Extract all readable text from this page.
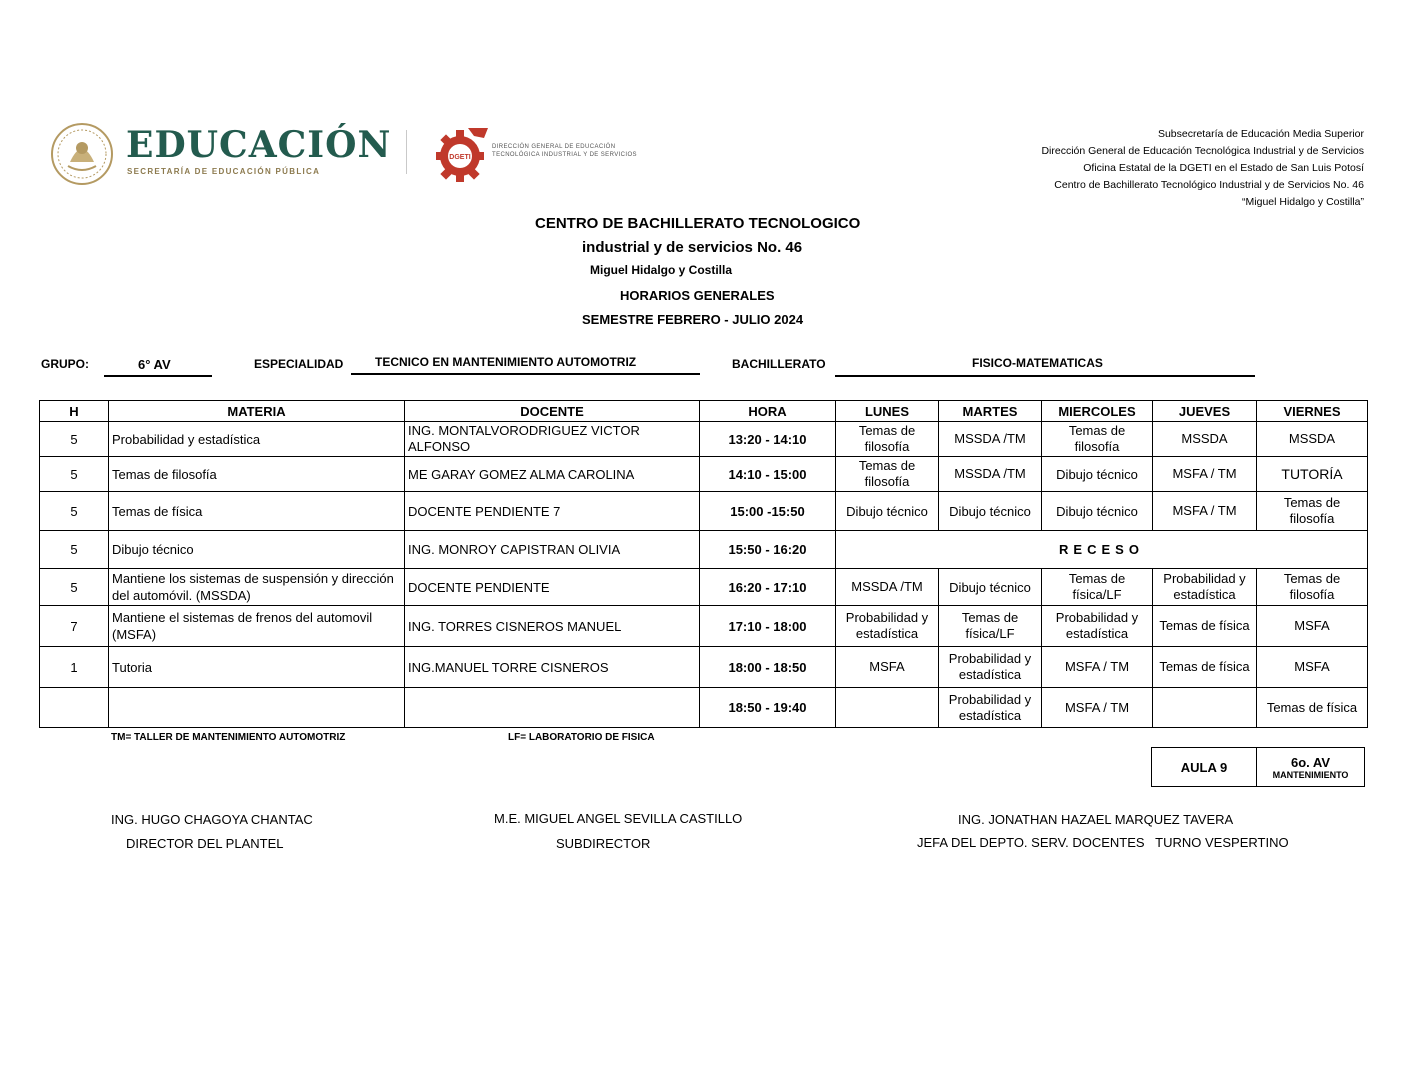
EDUCACIÓN
SECRETARÍA DE EDUCACIÓN PÚBLICA
DGETI
DIRECCIÓN GENERAL DE EDUCACIÓN
TECNOLÓGICA INDUSTRIAL Y DE SERVICIOS
Subsecretaría de Educación Media Superior
Dirección General de Educación Tecnológica Industrial y de Servicios
Oficina Estatal de la DGETI en el Estado de San Luis Potosí
Centro de Bachillerato Tecnológico Industrial y de Servicios No. 46
“Miguel Hidalgo y Costilla”
CENTRO DE BACHILLERATO TECNOLOGICO
industrial y de servicios No. 46
Miguel Hidalgo y Costilla
HORARIOS GENERALES
SEMESTRE FEBRERO - JULIO 2024
GRUPO:	6° AV	ESPECIALIDAD	TECNICO EN MANTENIMIENTO AUTOMOTRIZ	BACHILLERATO	FISICO-MATEMATICAS
H	MATERIA	DOCENTE	HORA	LUNES	MARTES	MIERCOLES	JUEVES	VIERNES
5	Probabilidad y estadística	ING. MONTALVORODRIGUEZ VICTOR ALFONSO	13:20 - 14:10	Temas de filosofía	MSSDA /TM	Temas de filosofía	MSSDA	MSSDA
5	Temas de filosofía	ME GARAY GOMEZ ALMA CAROLINA	14:10 - 15:00	Temas de filosofía	MSSDA /TM	Dibujo técnico	MSFA / TM	TUTORÍA
5	Temas de física	DOCENTE PENDIENTE 7	15:00 -15:50	Dibujo técnico	Dibujo técnico	Dibujo técnico	MSFA / TM	Temas de filosofía
5	Dibujo técnico	ING. MONROY CAPISTRAN OLIVIA	15:50 - 16:20	RECESO				
5	Mantiene los sistemas de suspensión y dirección del automóvil. (MSSDA)	DOCENTE PENDIENTE	16:20 - 17:10	MSSDA /TM	Dibujo técnico	Temas de física/LF	Probabilidad y estadística	Temas de filosofía
7	Mantiene el sistemas de frenos del automovil (MSFA)	ING. TORRES CISNEROS MANUEL	17:10 - 18:00	Probabilidad y estadística	Temas de física/LF	Probabilidad y estadística	Temas de física	MSFA
1	Tutoria	ING.MANUEL TORRE CISNEROS	18:00 - 18:50	MSFA	Probabilidad y estadística	MSFA / TM	Temas de física	MSFA
			18:50 - 19:40		Probabilidad y estadística	MSFA / TM		Temas de física
TM= TALLER DE MANTENIMIENTO AUTOMOTRIZ	LF= LABORATORIO DE FISICA
AULA 9	6o. AV
MANTENIMIENTO
ING. HUGO CHAGOYA CHANTAC
DIRECTOR DEL PLANTEL
M.E. MIGUEL ANGEL SEVILLA CASTILLO
SUBDIRECTOR
ING. JONATHAN HAZAEL MARQUEZ TAVERA
JEFA DEL DEPTO. SERV. DOCENTES   TURNO VESPERTINO
